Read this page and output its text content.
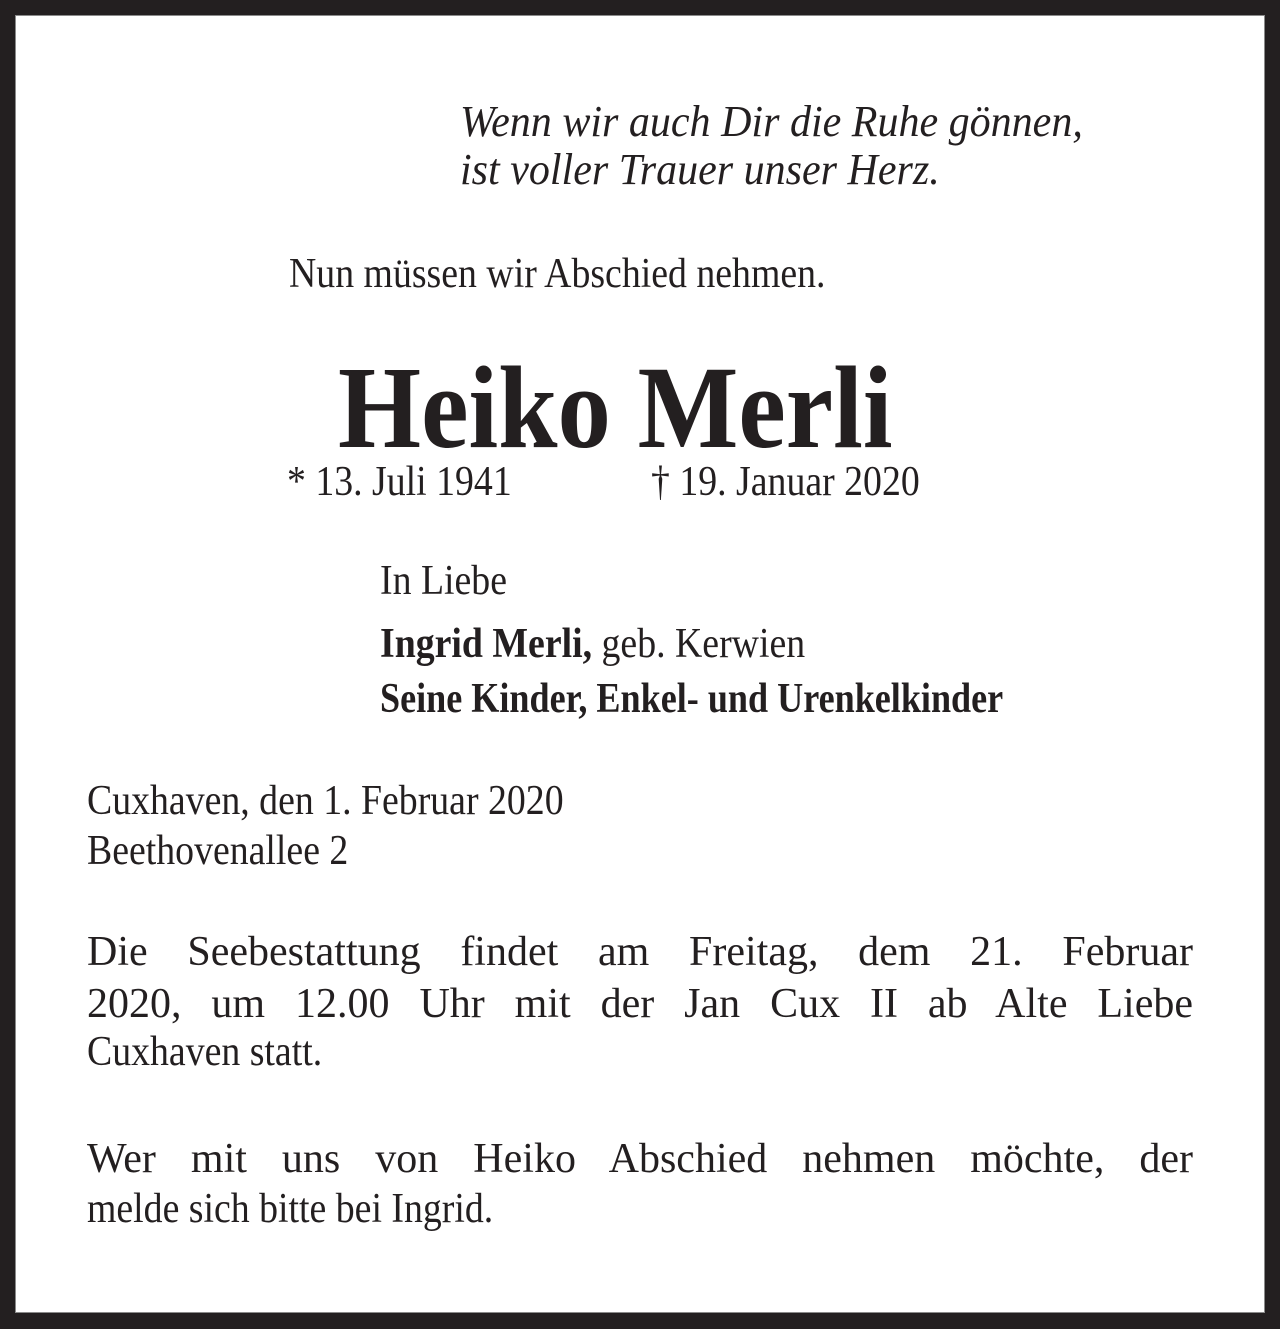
Wenn wir auch Dir die Ruhe gönnen,
ist voller Trauer unser Herz.
Nun müssen wir Abschied nehmen.
Heiko Merli
* 13. Juli 1941	† 19. Januar 2020
In Liebe
Ingrid Merli, geb. Kerwien
Seine Kinder, Enkel- und Urenkelkinder
Cuxhaven, den 1. Februar 2020
Beethovenallee 2
Die Seebestattung findet am Freitag, dem 21. Februar
2020, um 12.00 Uhr mit der Jan Cux II ab Alte Liebe
Cuxhaven statt.
Wer mit uns von Heiko Abschied nehmen möchte, der
melde sich bitte bei Ingrid.
